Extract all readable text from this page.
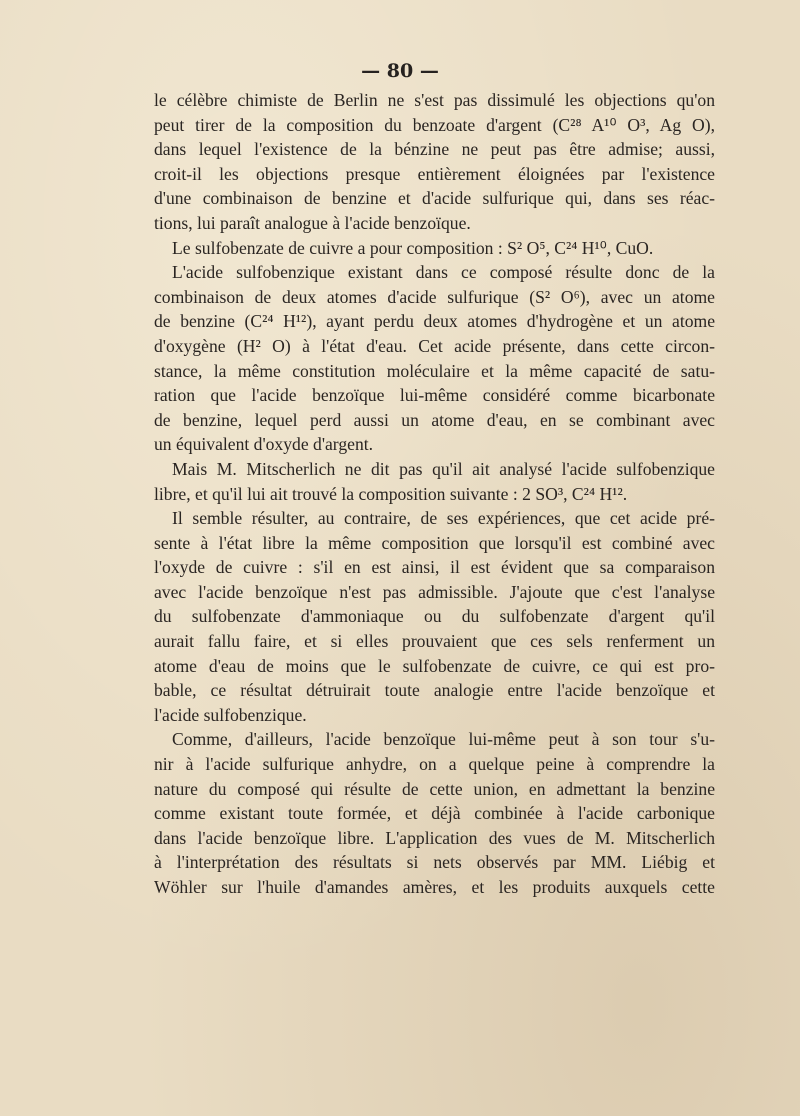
— 80 —
le célèbre chimiste de Berlin ne s'est pas dissimulé les objections qu'on
peut tirer de la composition du benzoate d'argent (C²⁸ A¹⁰ O³, Ag O),
dans lequel l'existence de la bénzine ne peut pas être admise; aussi,
croit-il les objections presque entièrement éloignées par l'existence
d'une combinaison de benzine et d'acide sulfurique qui, dans ses réac-
tions, lui paraît analogue à l'acide benzoïque.
Le sulfobenzate de cuivre a pour composition : S² O⁵, C²⁴ H¹⁰, CuO.
L'acide sulfobenzique existant dans ce composé résulte donc de la
combinaison de deux atomes d'acide sulfurique (S² O⁶), avec un atome
de benzine (C²⁴ H¹²), ayant perdu deux atomes d'hydrogène et un atome
d'oxygène (H² O) à l'état d'eau. Cet acide présente, dans cette circon-
stance, la même constitution moléculaire et la même capacité de satu-
ration que l'acide benzoïque lui-même considéré comme bicarbonate
de benzine, lequel perd aussi un atome d'eau, en se combinant avec
un équivalent d'oxyde d'argent.
Mais M. Mitscherlich ne dit pas qu'il ait analysé l'acide sulfobenzique
libre, et qu'il lui ait trouvé la composition suivante : 2 SO³, C²⁴ H¹².
Il semble résulter, au contraire, de ses expériences, que cet acide pré-
sente à l'état libre la même composition que lorsqu'il est combiné avec
l'oxyde de cuivre : s'il en est ainsi, il est évident que sa comparaison
avec l'acide benzoïque n'est pas admissible. J'ajoute que c'est l'analyse
du sulfobenzate d'ammoniaque ou du sulfobenzate d'argent qu'il
aurait fallu faire, et si elles prouvaient que ces sels renferment un
atome d'eau de moins que le sulfobenzate de cuivre, ce qui est pro-
bable, ce résultat détruirait toute analogie entre l'acide benzoïque et
l'acide sulfobenzique.
Comme, d'ailleurs, l'acide benzoïque lui-même peut à son tour s'u-
nir à l'acide sulfurique anhydre, on a quelque peine à comprendre la
nature du composé qui résulte de cette union, en admettant la benzine
comme existant toute formée, et déjà combinée à l'acide carbonique
dans l'acide benzoïque libre. L'application des vues de M. Mitscherlich
à l'interprétation des résultats si nets observés par MM. Liébig et
Wöhler sur l'huile d'amandes amères, et les produits auxquels cette
